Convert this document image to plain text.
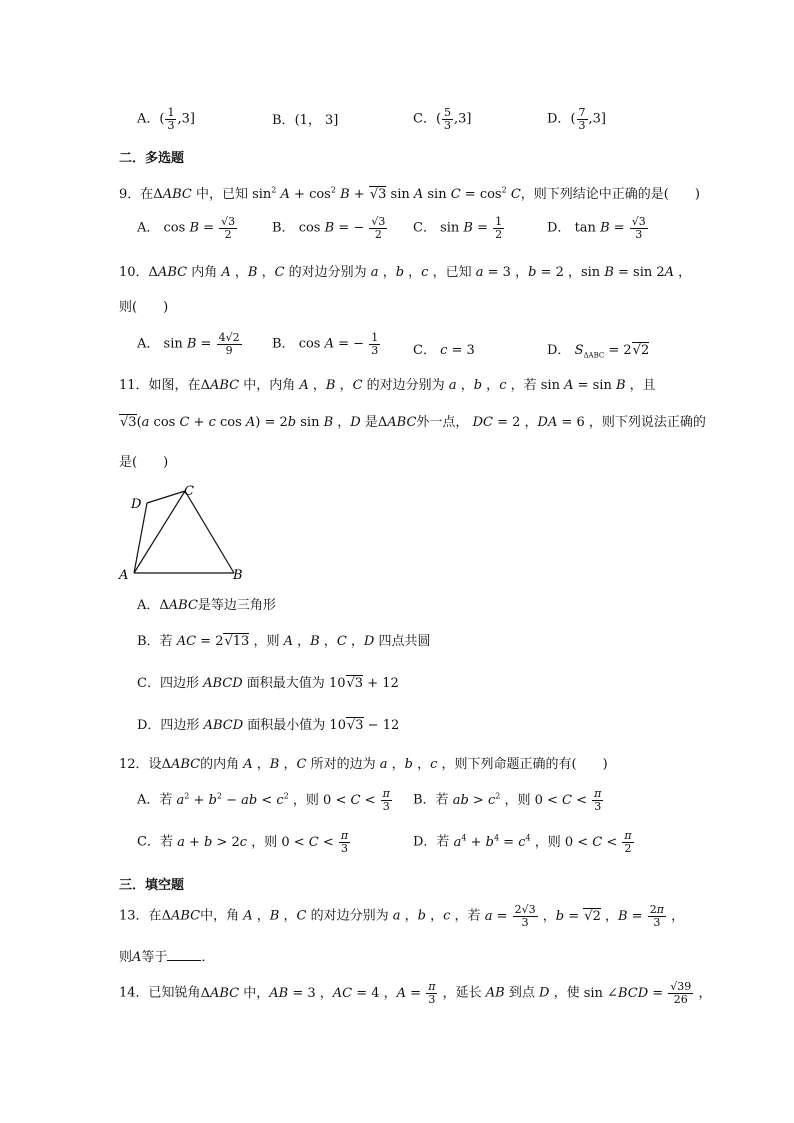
A．( $\frac{1}{3} ,3$]	B．(1， 3]	C．( $\frac{5}{3} ,3$]	D．( $\frac{7}{3} ,3$]
二．多选题
9．在ΔABC 中，已知 $\sin^2 A + \cos^2 B + √3$ sin A $\sin C = \cos^2 C$，则下列结论中正确的是(　　)
A． $\cos B = \frac{√3}{2}$	B． cos B = − $\frac{√3}{2}$ C． $\sin B = \frac{1}{2}$	D． $\tan B = \frac{√3}{3}$
10．ΔABC 内角 A ，B ，C 的对边分别为 a ，b ，c ，已知 a = 3 ，b = 2 ，sin B = sin 2A ，
则(　　)
A． $\sin B = \frac{4√2}{9}$ B． cos A = − $\frac{1}{3}$	C． c = 3	D． $S_{\Delta ABC} = 2√2$
11．如图，在ΔABC 中，内角 A ，B ，C 的对边分别为 a ，b ，c ，若 sin A = sin B ，且
√3(a cos C + c cos A) = 2b sin B ，D 是ΔABC外一点， DC = 2 ，DA = 6 ，则下列说法正确的
是(　　)
A	B
C
D
A．ΔABC是等边三角形
B．若 AC = 2√13 ，则 A ，B ，C ，D 四点共圆
C．四边形 ABCD 面积最大值为 10√3 + 12
D．四边形 ABCD 面积最小值为 10√3 − 12
12．设ΔABC的内角 A ，B ，C 所对的边为 a ，b ，c ，则下列命题正确的有(　　)
A．若 $a^2 + b^2$ − ab < $c^2$ ，则 $0 < C < \frac{\pi}{3}$ B．若 ab > $c^2$ ，则 $0 < C < \frac{\pi}{3}$
C．若 a + b > 2c ，则 $0 < C < \frac{\pi}{3}$	D．若 $a^4 + b^4 = c^4$ ，则 $0 < C < \frac{\pi}{2}$
三．填空题
13．在ΔABC中，角 A ，B ，C 的对边分别为 a ，b ，c ，若 $a = \frac{2√3}{3}$ ，b = √2 ，$B = \frac{2\pi}{3}$ ，
则A等于	．
14．已知锐角ΔABC 中，AB = 3 ，AC = 4 ，$A = \frac{\pi}{3}$ ，延长 AB 到点 D ，使 sin ∠BCD = $\frac{√39}{26}$ ，
